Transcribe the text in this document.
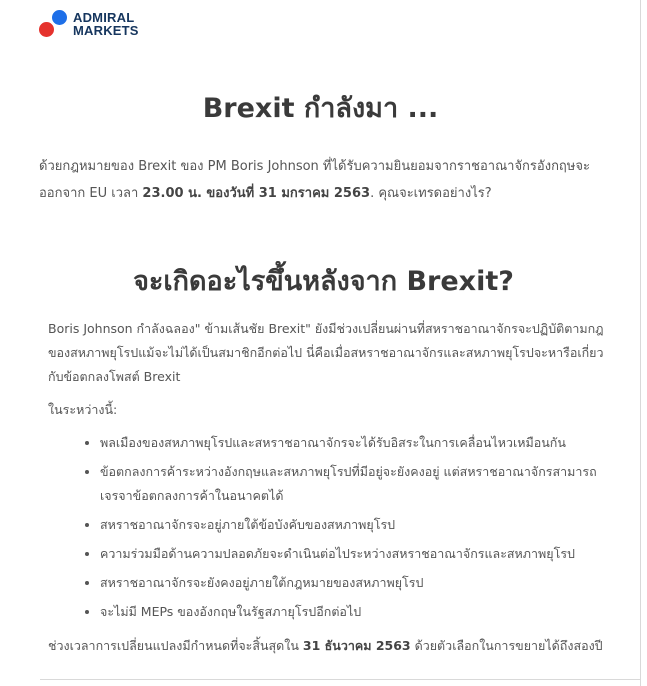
ADMIRAL
MARKETS
Brexit กำลังมา ...

ด้วยกฎหมายของ Brexit ของ PM Boris Johnson ที่ได้รับความยินยอมจากราชอาณาจักรอังกฤษจะออกจาก EU เวลา 23.00 น. ของวันที่ 31 มกราคม 2563. คุณจะเทรดอย่างไร?

จะเกิดอะไรขึ้นหลังจาก Brexit?

Boris Johnson กำลังฉลอง" ข้ามเส้นชัย Brexit" ยังมีช่วงเปลี่ยนผ่านที่สหราชอาณาจักรจะปฏิบัติตามกฎของสหภาพยุโรปแม้จะไม่ได้เป็นสมาชิกอีกต่อไป นี่คือเมื่อสหราชอาณาจักรและสหภาพยุโรปจะหารือเกี่ยวกับข้อตกลงโพสต์ Brexit

ในระหว่างนี้:

• พลเมืองของสหภาพยุโรปและสหราชอาณาจักรจะได้รับอิสระในการเคลื่อนไหวเหมือนกัน
• ข้อตกลงการค้าระหว่างอังกฤษและสหภาพยุโรปที่มีอยู่จะยังคงอยู่ แต่สหราชอาณาจักรสามารถเจรจาข้อตกลงการค้าในอนาคตได้
• สหราชอาณาจักรจะอยู่ภายใต้ข้อบังคับของสหภาพยุโรป
• ความร่วมมือด้านความปลอดภัยจะดำเนินต่อไประหว่างสหราชอาณาจักรและสหภาพยุโรป
• สหราชอาณาจักรจะยังคงอยู่ภายใต้กฎหมายของสหภาพยุโรป
• จะไม่มี MEPs ของอังกฤษในรัฐสภายุโรปอีกต่อไป

ช่วงเวลาการเปลี่ยนแปลงมีกำหนดที่จะสิ้นสุดใน 31 ธันวาคม 2563 ด้วยตัวเลือกในการขยายได้ถึงสองปี
